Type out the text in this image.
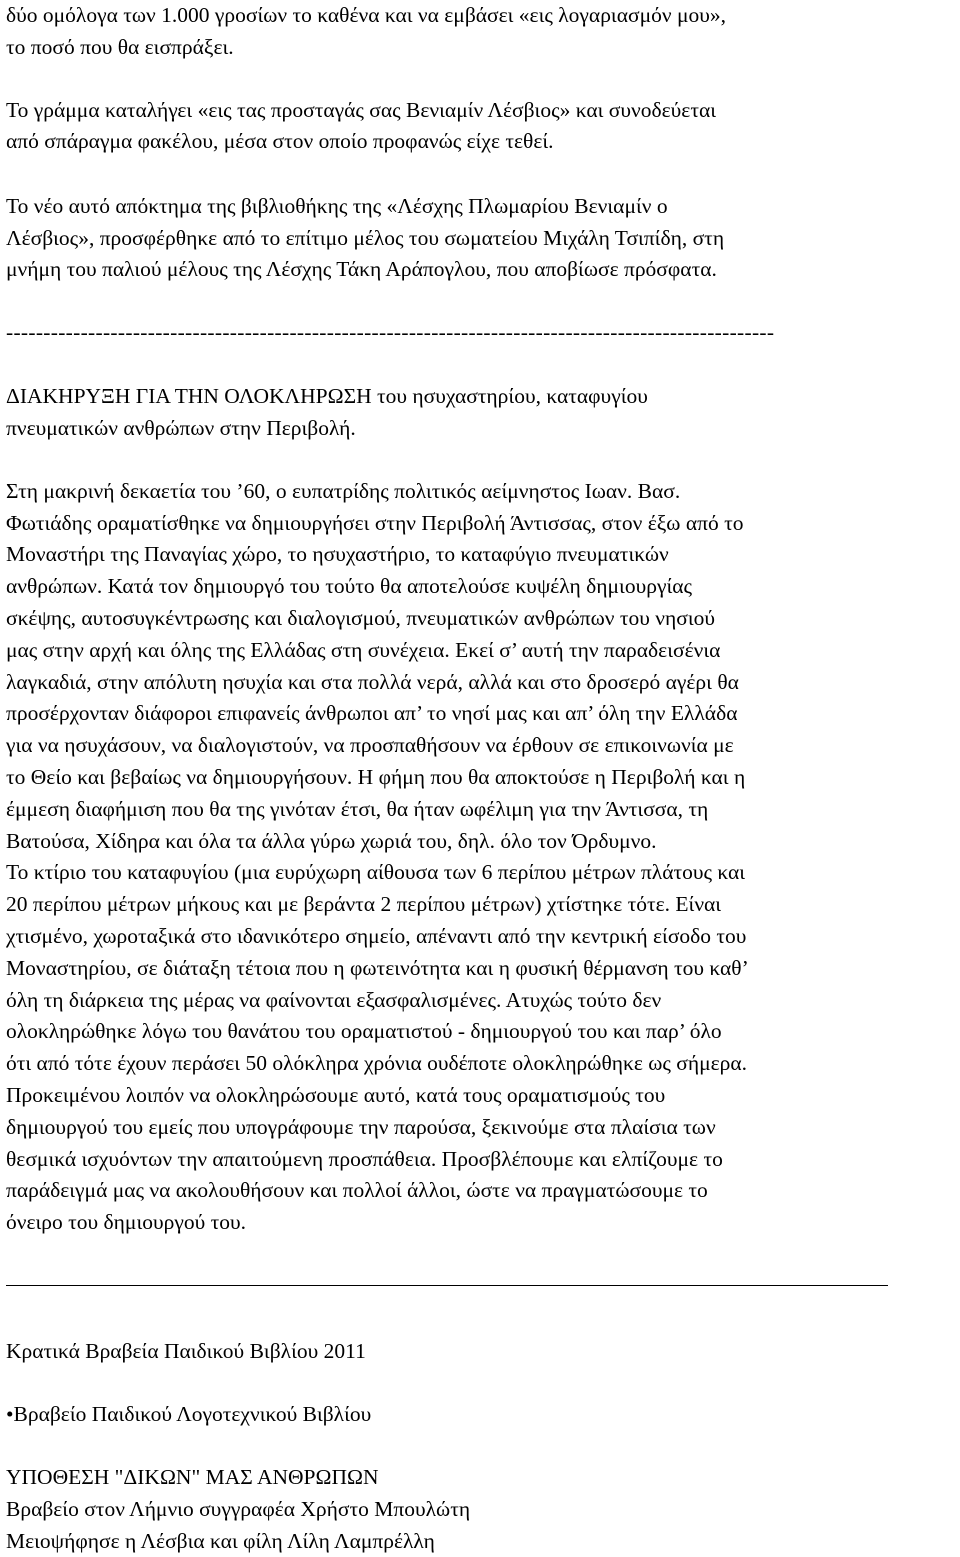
δύο ομόλογα των 1.000 γροσίων το καθένα και να εμβάσει «εις λογαριασμόν μου»,
το ποσό που θα εισπράξει.
Το γράμμα καταλήγει «εις τας προσταγάς σας Βενιαμίν Λέσβιος» και συνοδεύεται
από σπάραγμα φακέλου, μέσα στον οποίο προφανώς είχε τεθεί.
Το νέο αυτό απόκτημα της βιβλιοθήκης της «Λέσχης Πλωμαρίου Βενιαμίν ο
Λέσβιος», προσφέρθηκε από το επίτιμο μέλος του σωματείου Μιχάλη Τσιπίδη, στη
μνήμη του παλιού μέλους της Λέσχης Τάκη Αράπογλου, που αποβίωσε πρόσφατα.
-------------------------------------------------------------------------------------------------------
ΔΙΑΚΗΡΥΞΗ ΓΙΑ ΤΗΝ ΟΛΟΚΛΗΡΩΣΗ του ησυχαστηρίου, καταφυγίου
πνευματικών ανθρώπων στην Περιβολή.
Στη μακρινή δεκαετία του ’60, ο ευπατρίδης πολιτικός αείμνηστος Ιωαν. Βασ.
Φωτιάδης οραματίσθηκε να δημιουργήσει στην Περιβολή Άντισσας, στον έξω από το
Μοναστήρι της Παναγίας χώρο, το ησυχαστήριο, το καταφύγιο πνευματικών
ανθρώπων. Κατά τον δημιουργό του τούτο θα αποτελούσε κυψέλη δημιουργίας
σκέψης, αυτοσυγκέντρωσης και διαλογισμού, πνευματικών ανθρώπων του νησιού
μας στην αρχή και όλης της Ελλάδας στη συνέχεια. Εκεί σ’ αυτή την παραδεισένια
λαγκαδιά, στην απόλυτη ησυχία και στα πολλά νερά, αλλά και στο δροσερό αγέρι θα
προσέρχονταν διάφοροι επιφανείς άνθρωποι απ’ το νησί μας και απ’ όλη την Ελλάδα
για να ησυχάσουν, να διαλογιστούν, να προσπαθήσουν να έρθουν σε επικοινωνία με
το Θείο και βεβαίως να δημιουργήσουν. Η φήμη που θα αποκτούσε η Περιβολή και η
έμμεση διαφήμιση που θα της γινόταν έτσι, θα ήταν ωφέλιμη για την Άντισσα, τη
Βατούσα, Χίδηρα και όλα τα άλλα γύρω χωριά του, δηλ. όλο τον Όρδυμνο.
Το κτίριο του καταφυγίου (μια ευρύχωρη αίθουσα των 6 περίπου μέτρων πλάτους και
20 περίπου μέτρων μήκους και με βεράντα 2 περίπου μέτρων) χτίστηκε τότε. Είναι
χτισμένο, χωροταξικά στο ιδανικότερο σημείο, απέναντι από την κεντρική είσοδο του
Μοναστηρίου, σε διάταξη τέτοια που η φωτεινότητα και η φυσική θέρμανση του καθ’
όλη τη διάρκεια της μέρας να φαίνονται εξασφαλισμένες. Ατυχώς τούτο δεν
ολοκληρώθηκε λόγω του θανάτου του οραματιστού - δημιουργού του και παρ’ όλο
ότι από τότε έχουν περάσει 50 ολόκληρα χρόνια ουδέποτε ολοκληρώθηκε ως σήμερα.
Προκειμένου λοιπόν να ολοκληρώσουμε αυτό, κατά τους οραματισμούς του
δημιουργού του εμείς που υπογράφουμε την παρούσα, ξεκινούμε στα πλαίσια των
θεσμικά ισχυόντων την απαιτούμενη προσπάθεια. Προσβλέπουμε και ελπίζουμε το
παράδειγμά μας να ακολουθήσουν και πολλοί άλλοι, ώστε να πραγματώσουμε το
όνειρο του δημιουργού του.
Κρατικά Βραβεία Παιδικού Βιβλίου 2011
•Βραβείο Παιδικού Λογοτεχνικού Βιβλίου
ΥΠΟΘΕΣΗ "ΔΙΚΩΝ" ΜΑΣ ΑΝΘΡΩΠΩΝ
Βραβείο στον Λήμνιο συγγραφέα Χρήστο Μπουλώτη
Μειοψήφησε η Λέσβια και φίλη Λίλη Λαμπρέλλη
